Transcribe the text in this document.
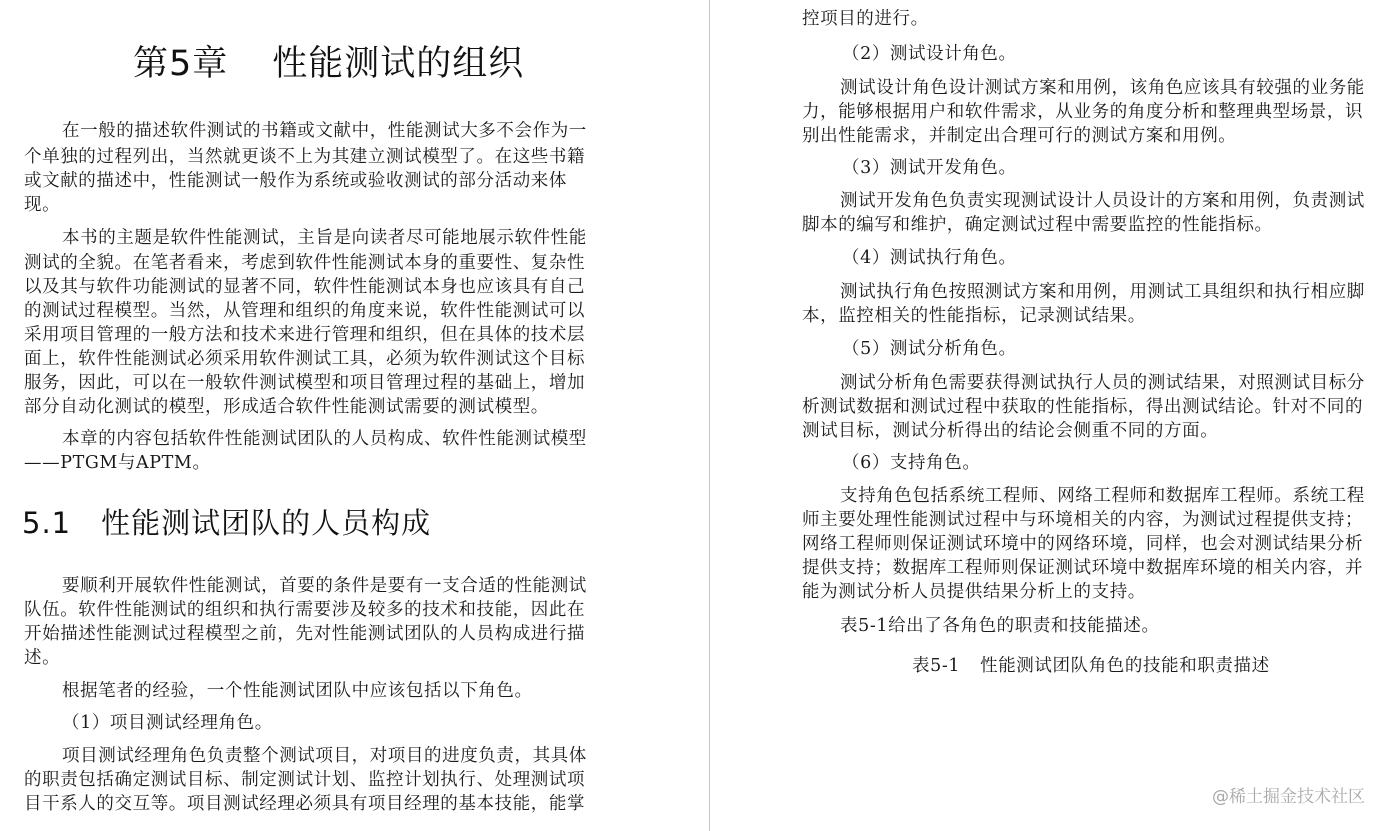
第5章 性能测试的组织
在一般的描述软件测试的书籍或文献中，性能测试大多不会作为一
个单独的过程列出，当然就更谈不上为其建立测试模型了。在这些书籍
或文献的描述中，性能测试一般作为系统或验收测试的部分活动来体
现。
本书的主题是软件性能测试，主旨是向读者尽可能地展示软件性能
测试的全貌。在笔者看来，考虑到软件性能测试本身的重要性、复杂性
以及其与软件功能测试的显著不同，软件性能测试本身也应该具有自己
的测试过程模型。当然，从管理和组织的角度来说，软件性能测试可以
采用项目管理的一般方法和技术来进行管理和组织，但在具体的技术层
面上，软件性能测试必须采用软件测试工具，必须为软件测试这个目标
服务，因此，可以在一般软件测试模型和项目管理过程的基础上，增加
部分自动化测试的模型，形成适合软件性能测试需要的测试模型。
本章的内容包括软件性能测试团队的人员构成、软件性能测试模型
——PTGM与APTM。
5.1 性能测试团队的人员构成
要顺利开展软件性能测试，首要的条件是要有一支合适的性能测试
队伍。软件性能测试的组织和执行需要涉及较多的技术和技能，因此在
开始描述性能测试过程模型之前，先对性能测试团队的人员构成进行描
述。
根据笔者的经验，一个性能测试团队中应该包括以下角色。
（1）项目测试经理角色。
项目测试经理角色负责整个测试项目，对项目的进度负责，其具体
的职责包括确定测试目标、制定测试计划、监控计划执行、处理测试项
目干系人的交互等。项目测试经理必须具有项目经理的基本技能，能掌
控项目的进行。
（2）测试设计角色。
测试设计角色设计测试方案和用例，该角色应该具有较强的业务能
力，能够根据用户和软件需求，从业务的角度分析和整理典型场景，识
别出性能需求，并制定出合理可行的测试方案和用例。
（3）测试开发角色。
测试开发角色负责实现测试设计人员设计的方案和用例，负责测试
脚本的编写和维护，确定测试过程中需要监控的性能指标。
（4）测试执行角色。
测试执行角色按照测试方案和用例，用测试工具组织和执行相应脚
本，监控相关的性能指标，记录测试结果。
（5）测试分析角色。
测试分析角色需要获得测试执行人员的测试结果，对照测试目标分
析测试数据和测试过程中获取的性能指标，得出测试结论。针对不同的
测试目标，测试分析得出的结论会侧重不同的方面。
（6）支持角色。
支持角色包括系统工程师、网络工程师和数据库工程师。系统工程
师主要处理性能测试过程中与环境相关的内容，为测试过程提供支持；
网络工程师则保证测试环境中的网络环境，同样，也会对测试结果分析
提供支持；数据库工程师则保证测试环境中数据库环境的相关内容，并
能为测试分析人员提供结果分析上的支持。
表5-1给出了各角色的职责和技能描述。
表5-1 性能测试团队角色的技能和职责描述
@稀土掘金技术社区
